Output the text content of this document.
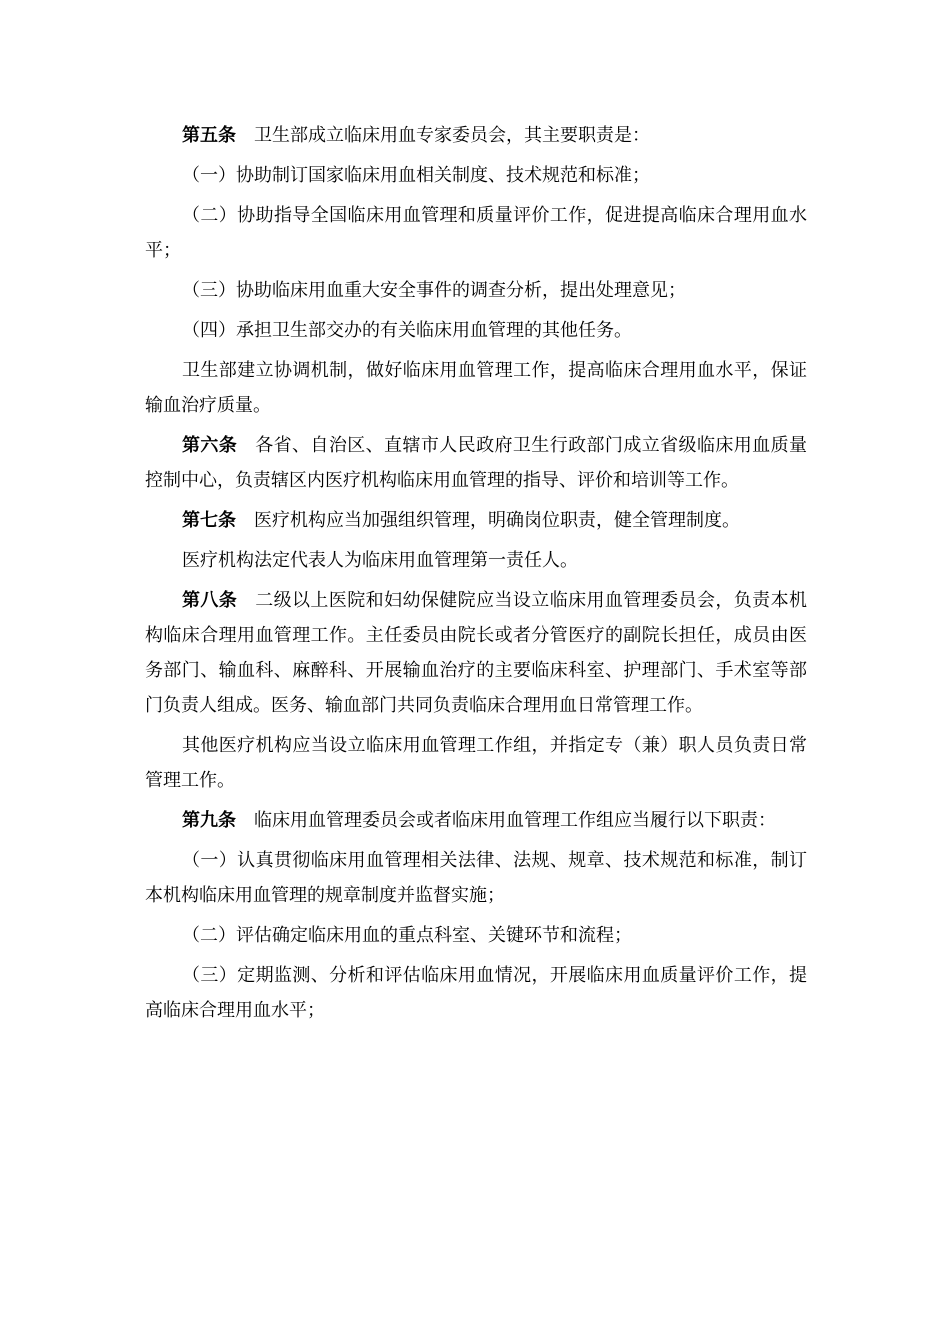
第五条 卫生部成立临床用血专家委员会，其主要职责是：

（一）协助制订国家临床用血相关制度、技术规范和标准；

（二）协助指导全国临床用血管理和质量评价工作，促进提高临床合理用血水平；

（三）协助临床用血重大安全事件的调查分析，提出处理意见；

（四）承担卫生部交办的有关临床用血管理的其他任务。

卫生部建立协调机制，做好临床用血管理工作，提高临床合理用血水平，保证输血治疗质量。

第六条 各省、自治区、直辖市人民政府卫生行政部门成立省级临床用血质量控制中心，负责辖区内医疗机构临床用血管理的指导、评价和培训等工作。

第七条 医疗机构应当加强组织管理，明确岗位职责，健全管理制度。

医疗机构法定代表人为临床用血管理第一责任人。

第八条 二级以上医院和妇幼保健院应当设立临床用血管理委员会，负责本机构临床合理用血管理工作。主任委员由院长或者分管医疗的副院长担任，成员由医务部门、输血科、麻醉科、开展输血治疗的主要临床科室、护理部门、手术室等部门负责人组成。医务、输血部门共同负责临床合理用血日常管理工作。

其他医疗机构应当设立临床用血管理工作组，并指定专（兼）职人员负责日常管理工作。

第九条 临床用血管理委员会或者临床用血管理工作组应当履行以下职责：

（一）认真贯彻临床用血管理相关法律、法规、规章、技术规范和标准，制订本机构临床用血管理的规章制度并监督实施；

（二）评估确定临床用血的重点科室、关键环节和流程；

（三）定期监测、分析和评估临床用血情况，开展临床用血质量评价工作，提高临床合理用血水平；
